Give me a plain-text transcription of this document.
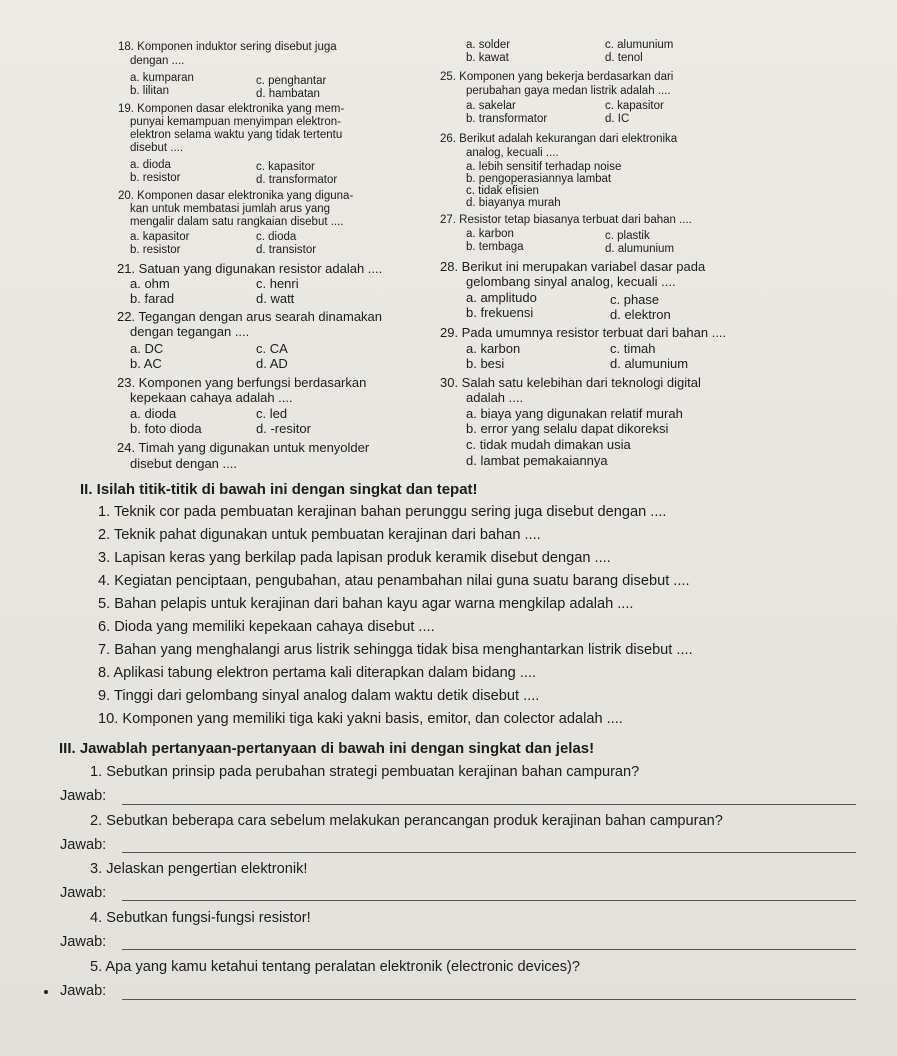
18. Komponen induktor sering disebut juga
dengan ....
a. kumparan	c. penghantar
b. lilitan	d. hambatan
19. Komponen dasar elektronika yang mem-
punyai kemampuan menyimpan elektron-
elektron selama waktu yang tidak tertentu
disebut ....
a. dioda	c. kapasitor
b. resistor	d. transformator
20. Komponen dasar elektronika yang diguna-
kan untuk membatasi jumlah arus yang
mengalir dalam satu rangkaian disebut ....
a. kapasitor	c. dioda
b. resistor	d. transistor
21. Satuan yang digunakan resistor adalah ....
a. ohm	c. henri
b. farad	d. watt
22. Tegangan dengan arus searah dinamakan
dengan tegangan ....
a. DC	c. CA
b. AC	d. AD
23. Komponen yang berfungsi berdasarkan
kepekaan cahaya adalah ....
a. dioda	c. led
b. foto dioda	d. -resitor
24. Timah yang digunakan untuk menyolder
disebut dengan ....
a. solder	c. alumunium
b. kawat	d. tenol
25. Komponen yang bekerja berdasarkan dari
perubahan gaya medan listrik adalah ....
a. sakelar	c. kapasitor
b. transformator	d. IC
26. Berikut adalah kekurangan dari elektronika
analog, kecuali ....
a. lebih sensitif terhadap noise
b. pengoperasiannya lambat
c. tidak efisien
d. biayanya murah
27. Resistor tetap biasanya terbuat dari bahan ....
a. karbon	c. plastik
b. tembaga	d. alumunium
28. Berikut ini merupakan variabel dasar pada
gelombang sinyal analog, kecuali ....
a. amplitudo	c. phase
b. frekuensi	d. elektron
29. Pada umumnya resistor terbuat dari bahan ....
a. karbon	c. timah
b. besi	d. alumunium
30. Salah satu kelebihan dari teknologi digital
adalah ....
a. biaya yang digunakan relatif murah
b. error yang selalu dapat dikoreksi
c. tidak mudah dimakan usia
d. lambat pemakaiannya
II. Isilah titik-titik di bawah ini dengan singkat dan tepat!
1. Teknik cor pada pembuatan kerajinan bahan perunggu sering juga disebut dengan ....
2. Teknik pahat digunakan untuk pembuatan kerajinan dari bahan ....
3. Lapisan keras yang berkilap pada lapisan produk keramik disebut dengan ....
4. Kegiatan penciptaan, pengubahan, atau penambahan nilai guna suatu barang disebut ....
5. Bahan pelapis untuk kerajinan dari bahan kayu agar warna mengkilap adalah ....
6. Dioda yang memiliki kepekaan cahaya disebut ....
7. Bahan yang menghalangi arus listrik sehingga tidak bisa menghantarkan listrik disebut ....
8. Aplikasi tabung elektron pertama kali diterapkan dalam bidang ....
9. Tinggi dari gelombang sinyal analog dalam waktu detik disebut ....
10. Komponen yang memiliki tiga kaki yakni basis, emitor, dan colector adalah ....
III. Jawablah pertanyaan-pertanyaan di bawah ini dengan singkat dan jelas!
1. Sebutkan prinsip pada perubahan strategi pembuatan kerajinan bahan campuran?
Jawab:
2. Sebutkan beberapa cara sebelum melakukan perancangan produk kerajinan bahan campuran?
Jawab:
3. Jelaskan pengertian elektronik!
Jawab:
4. Sebutkan fungsi-fungsi resistor!
Jawab:
5. Apa yang kamu ketahui tentang peralatan elektronik (electronic devices)?
Jawab:
